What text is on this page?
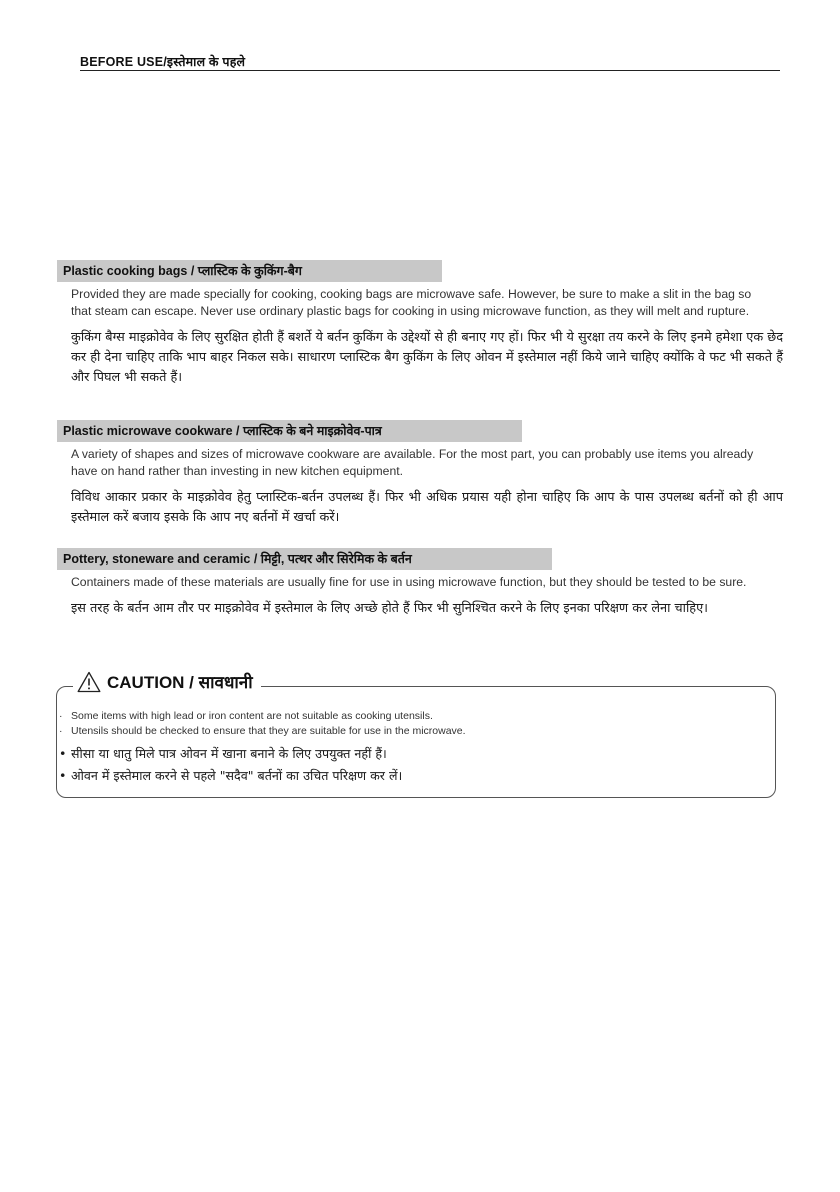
BEFORE USE/इस्तेमाल के पहले
Plastic cooking bags / प्लास्टिक के कुकिंग-बैग
Provided they are made specially for cooking, cooking bags are microwave safe. However, be sure to make a slit in the bag so that steam can escape. Never use ordinary plastic bags for cooking in using microwave function, as they will melt and rupture.
कुकिंग बैग्स माइक्रोवेव के लिए सुरक्षित होती हैं बशर्ते ये बर्तन कुकिंग के उद्देश्यों से ही बनाए गए हों। फिर भी ये सुरक्षा तय करने के लिए इनमे हमेशा एक छेद कर ही देना चाहिए ताकि भाप बाहर निकल सके। साधारण प्लास्टिक बैग कुकिंग के लिए ओवन में इस्तेमाल नहीं किये जाने चाहिए क्योंकि वे फट भी सकते हैं और पिघल भी सकते हैं।
Plastic microwave cookware / प्लास्टिक के बने माइक्रोवेव-पात्र
A variety of shapes and sizes of microwave cookware are available. For the most part, you can probably use items you already have on hand rather than investing in new kitchen equipment.
विविध आकार प्रकार के माइक्रोवेव हेतु प्लास्टिक-बर्तन उपलब्ध हैं। फिर भी अधिक प्रयास यही होना चाहिए कि आप के पास उपलब्ध बर्तनों को ही आप इस्तेमाल करें बजाय इसके कि आप नए बर्तनों में खर्चा करें।
Pottery, stoneware and ceramic / मिट्टी, पत्थर और सिरेमिक के बर्तन
Containers made of these materials are usually fine for use in using microwave function, but they should be tested to be sure.
इस तरह के बर्तन आम तौर पर माइक्रोवेव में इस्तेमाल के लिए अच्छे होते हैं फिर भी सुनिश्चित करने के लिए इनका परिक्षण कर लेना चाहिए।
CAUTION / सावधानी
· Some items with high lead or iron content are not suitable as cooking utensils.
· Utensils should be checked to ensure that they are suitable for use in the microwave.
• सीसा या धातु मिले पात्र ओवन में खाना बनाने के लिए उपयुक्त नहीं हैं।
• ओवन में इस्तेमाल करने से पहले "सदैव" बर्तनों का उचित परिक्षण कर लें।
